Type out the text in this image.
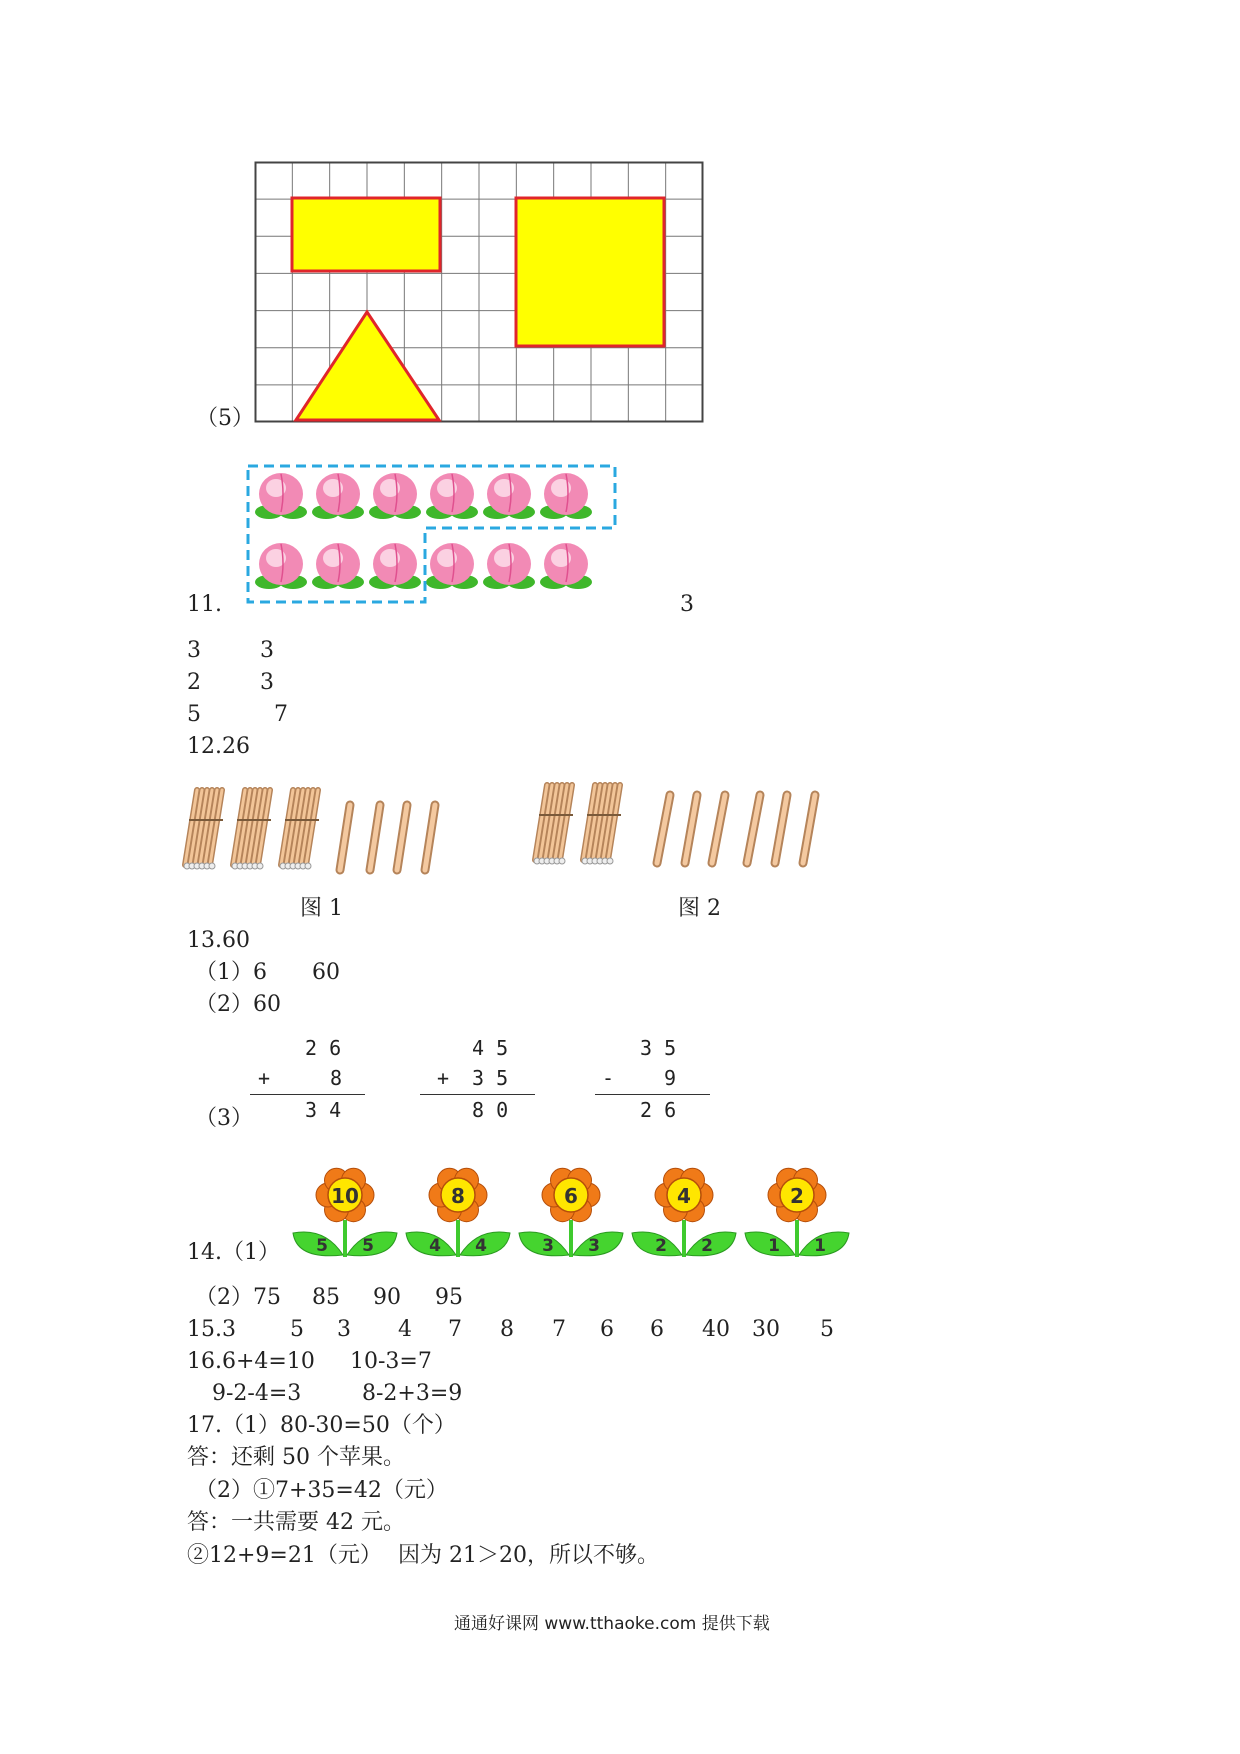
（5）
11.	3
3	3
2	3
5	7
12.26
图 1	图 2
13.60
（1）6 60
（2）60
（3）
2 6
+	8
3 4
4 5
+ 3 5
8 0
3 5
- 9
2 6
14.（1）
10
5 5
8
4 4
6
3 3
4
2 2
2
1 1
（2）75 85 90 95
15.3 5 3 4 7 8 7 6 6 40 30 5
16.6+4=10 10-3=7
9-2-4=3	8-2+3=9
17.（1）80-30=50（个）
答：还剩 50 个苹果。
（2）①7+35=42（元）
答：一共需要 42 元。
②12+9=21（元） 因为 21＞20，所以不够。
通通好课网 www.tthaoke.com 提供下载
